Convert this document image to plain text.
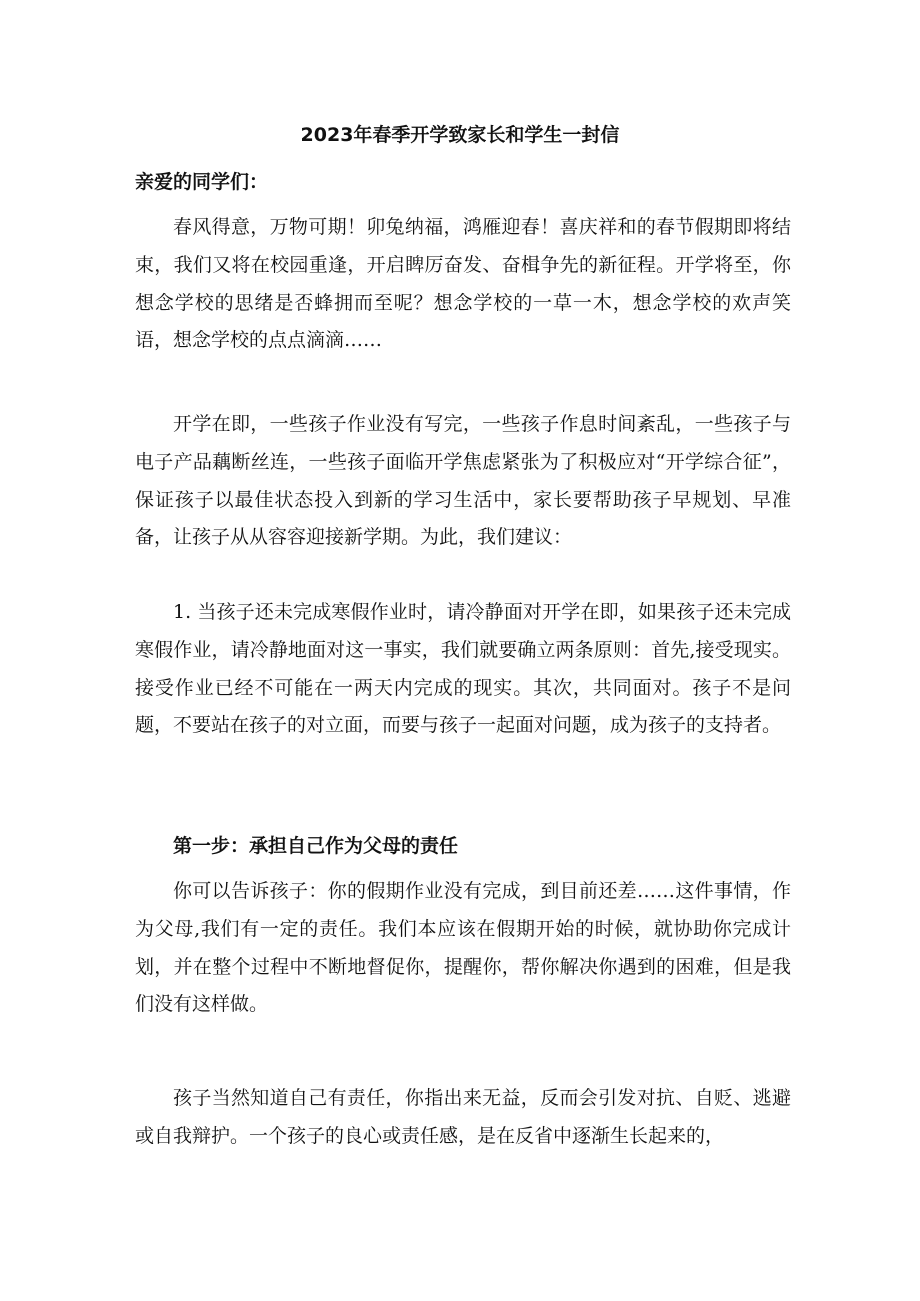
2023年春季开学致家长和学生一封信

亲爱的同学们：

春风得意，万物可期！卯兔纳福，鸿雁迎春！喜庆祥和的春节假期即将结束，我们又将在校园重逢，开启睥厉奋发、奋楫争先的新征程。开学将至，你想念学校的思绪是否蜂拥而至呢？想念学校的一草一木，想念学校的欢声笑语，想念学校的点点滴滴……

开学在即，一些孩子作业没有写完，一些孩子作息时间紊乱，一些孩子与电子产品藕断丝连，一些孩子面临开学焦虑紧张为了积极应对“开学综合征”，保证孩子以最佳状态投入到新的学习生活中，家长要帮助孩子早规划、早准备，让孩子从从容容迎接新学期。为此，我们建议：

1. 当孩子还未完成寒假作业时，请冷静面对开学在即，如果孩子还未完成寒假作业，请冷静地面对这一事实，我们就要确立两条原则：首先,接受现实。接受作业已经不可能在一两天内完成的现实。其次，共同面对。孩子不是问题，不要站在孩子的对立面，而要与孩子一起面对问题，成为孩子的支持者。

第一步：承担自己作为父母的责任

你可以告诉孩子：你的假期作业没有完成，到目前还差……这件事情，作为父母,我们有一定的责任。我们本应该在假期开始的时候，就协助你完成计划，并在整个过程中不断地督促你，提醒你，帮你解决你遇到的困难，但是我们没有这样做。

孩子当然知道自己有责任，你指出来无益，反而会引发对抗、自贬、逃避或自我辩护。一个孩子的良心或责任感，是在反省中逐渐生长起来的，
